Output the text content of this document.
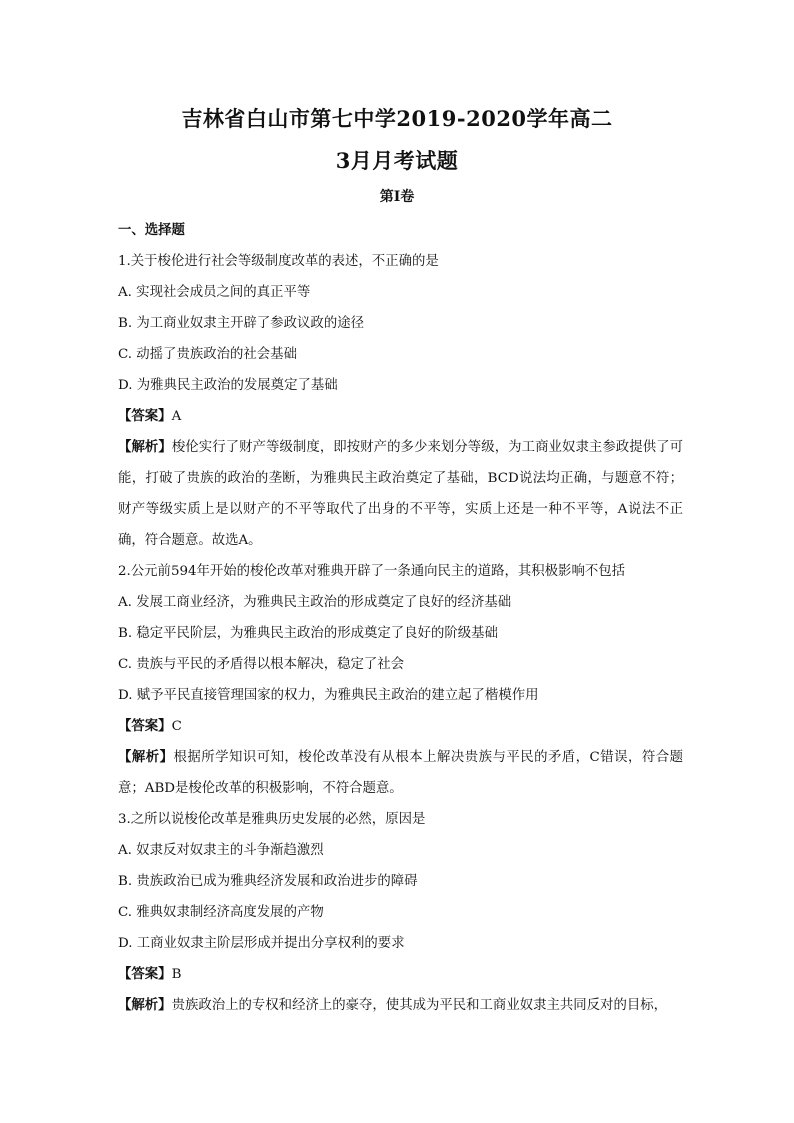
吉林省白山市第七中学2019-2020学年高二
3月月考试题
第Ⅰ卷

一、选择题

1.关于梭伦进行社会等级制度改革的表述，不正确的是

A. 实现社会成员之间的真正平等

B. 为工商业奴隶主开辟了参政议政的途径

C. 动摇了贵族政治的社会基础

D. 为雅典民主政治的发展奠定了基础

【答案】A

【解析】梭伦实行了财产等级制度，即按财产的多少来划分等级，为工商业奴隶主参政提供了可能，打破了贵族的政治的垄断，为雅典民主政治奠定了基础，BCD说法均正确，与题意不符；财产等级实质上是以财产的不平等取代了出身的不平等，实质上还是一种不平等，A说法不正确，符合题意。故选A。

2.公元前594年开始的梭伦改革对雅典开辟了一条通向民主的道路，其积极影响不包括

A. 发展工商业经济，为雅典民主政治的形成奠定了良好的经济基础

B. 稳定平民阶层，为雅典民主政治的形成奠定了良好的阶级基础

C. 贵族与平民的矛盾得以根本解决，稳定了社会

D. 赋予平民直接管理国家的权力，为雅典民主政治的建立起了楷模作用

【答案】C

【解析】根据所学知识可知，梭伦改革没有从根本上解决贵族与平民的矛盾，C错误，符合题意；ABD是梭伦改革的积极影响，不符合题意。

3.之所以说梭伦改革是雅典历史发展的必然，原因是

A. 奴隶反对奴隶主的斗争渐趋激烈

B. 贵族政治已成为雅典经济发展和政治进步的障碍

C. 雅典奴隶制经济高度发展的产物

D. 工商业奴隶主阶层形成并提出分享权利的要求

【答案】B

【解析】贵族政治上的专权和经济上的豪夺，使其成为平民和工商业奴隶主共同反对的目标，
